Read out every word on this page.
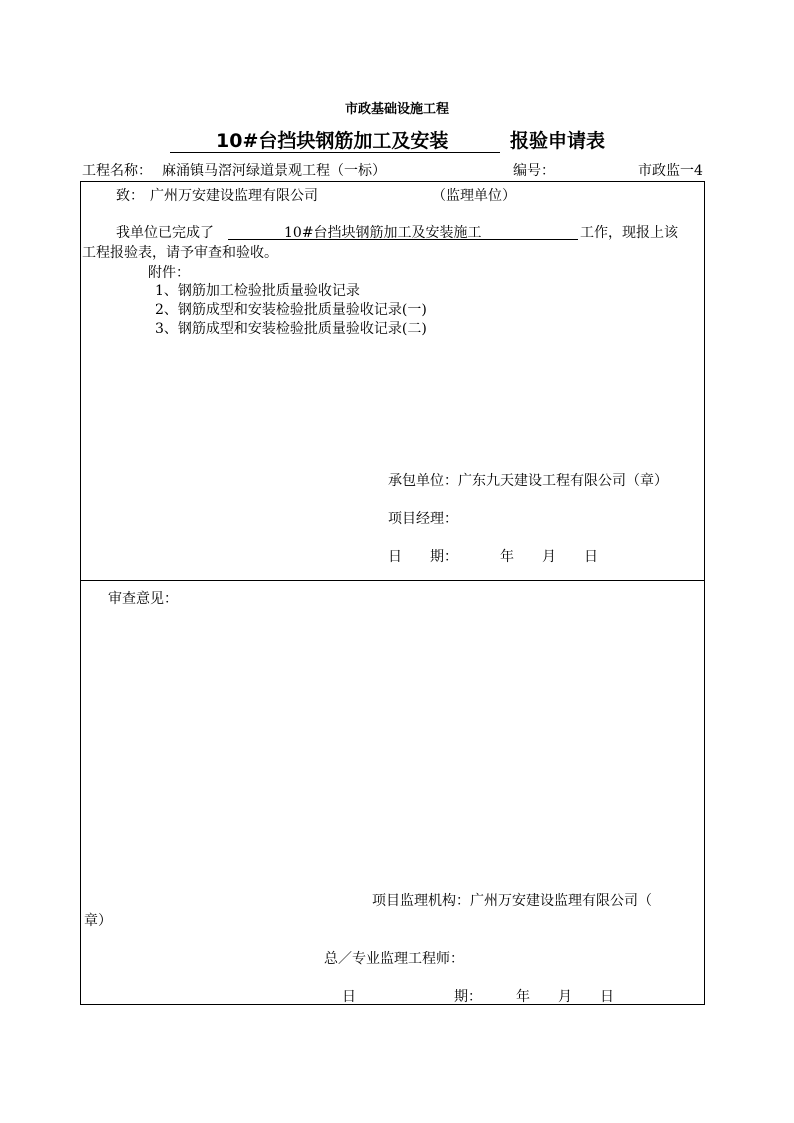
市政基础设施工程
10#台挡块钢筋加工及安装	报验申请表
工程名称： 麻涌镇马滘河绿道景观工程（一标）	编号：	市政监一4
致： 广州万安建设监理有限公司	（监理单位）
我单位已完成了	10#台挡块钢筋加工及安装施工	工作，现报上该
工程报验表，请予审查和验收。
附件：
1、钢筋加工检验批质量验收记录
2、钢筋成型和安装检验批质量验收记录(一)
3、钢筋成型和安装检验批质量验收记录(二)
承包单位：广东九天建设工程有限公司（章）
项目经理：
日　　期：	年　　月　　日
审查意见：
项目监理机构：广州万安建设监理有限公司（
章）
总／专业监理工程师：
日　　　　　　　期： 年　　月　　日
